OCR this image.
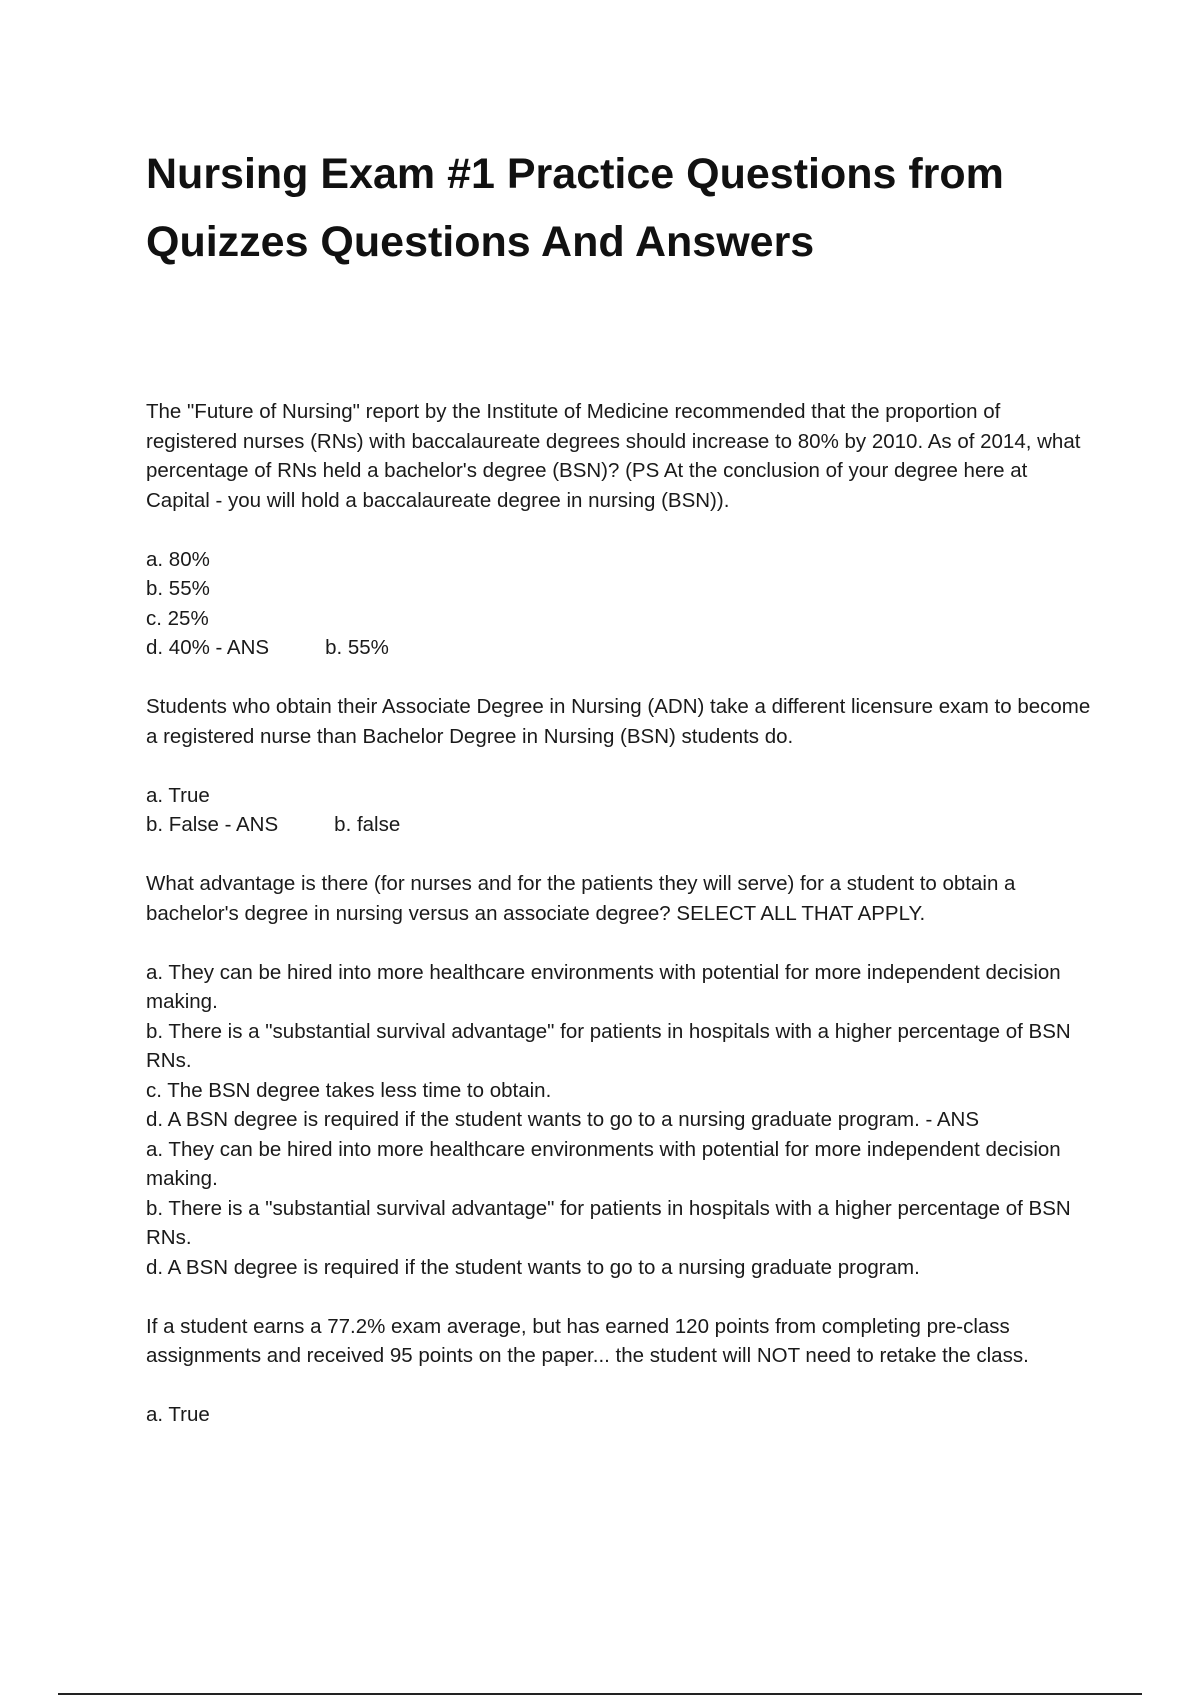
Nursing Exam #1 Practice Questions from Quizzes Questions And Answers

The "Future of Nursing" report by the Institute of Medicine recommended that the proportion of registered nurses (RNs) with baccalaureate degrees should increase to 80% by 2010. As of 2014, what percentage of RNs held a bachelor's degree (BSN)? (PS At the conclusion of your degree here at Capital - you will hold a baccalaureate degree in nursing (BSN)).

a. 80%
b. 55%
c. 25%
d. 40% - ANS	b. 55%

Students who obtain their Associate Degree in Nursing (ADN) take a different licensure exam to become a registered nurse than Bachelor Degree in Nursing (BSN) students do.

a. True
b. False - ANS	b. false

What advantage is there (for nurses and for the patients they will serve) for a student to obtain a bachelor's degree in nursing versus an associate degree? SELECT ALL THAT APPLY.

a. They can be hired into more healthcare environments with potential for more independent decision making.
b. There is a "substantial survival advantage" for patients in hospitals with a higher percentage of BSN RNs.
c. The BSN degree takes less time to obtain.
d. A BSN degree is required if the student wants to go to a nursing graduate program. - ANS
a. They can be hired into more healthcare environments with potential for more independent decision making.
b. There is a "substantial survival advantage" for patients in hospitals with a higher percentage of BSN RNs.
d. A BSN degree is required if the student wants to go to a nursing graduate program.

If a student earns a 77.2% exam average, but has earned 120 points from completing pre-class assignments and received 95 points on the paper... the student will NOT need to retake the class.

a. True
